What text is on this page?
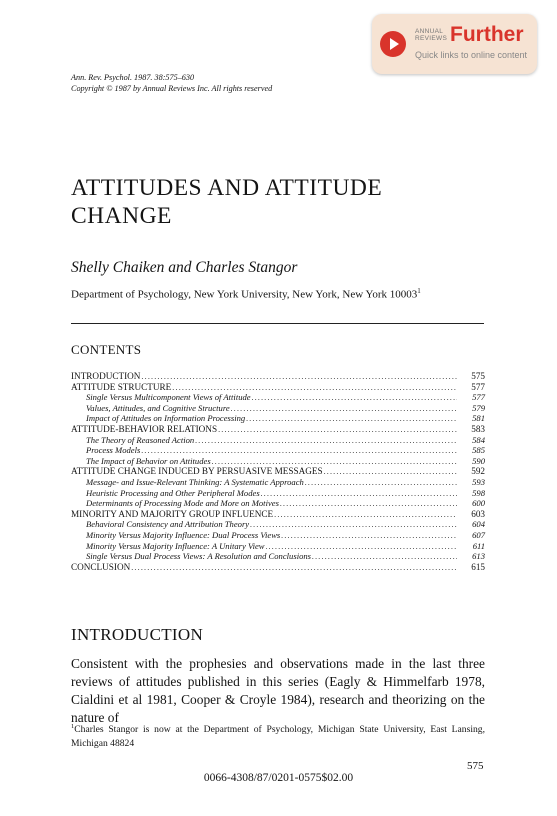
ANNUAL
REVIEWS Further
Quick links to online content
Ann. Rev. Psychol. 1987. 38:575–630
Copyright © 1987 by Annual Reviews Inc. All rights reserved
ATTITUDES AND ATTITUDE
CHANGE
Shelly Chaiken and Charles Stangor
Department of Psychology, New York University, New York, New York 10003$^1$
CONTENTS
INTRODUCTION .....	575
ATTITUDE STRUCTURE .....	577
Single Versus Multicomponent Views of Attitude .....	577
Values, Attitudes, and Cognitive Structure .....	579
Impact of Attitudes on Information Processing .....	581
ATTITUDE-BEHAVIOR RELATIONS .....	583
The Theory of Reasoned Action .....	584
Process Models .....	585
The Impact of Behavior on Attitudes .....	590
ATTITUDE CHANGE INDUCED BY PERSUASIVE MESSAGES .....	592
Message- and Issue-Relevant Thinking: A Systematic Approach .....	593
Heuristic Processing and Other Peripheral Modes .....	598
Determinants of Processing Mode and More on Motives .....	600
MINORITY AND MAJORITY GROUP INFLUENCE .....	603
Behavioral Consistency and Attribution Theory .....	604
Minority Versus Majority Influence: Dual Process Views .....	607
Minority Versus Majority Influence: A Unitary View .....	611
Single Versus Dual Process Views: A Resolution and Conclusions .....	613
CONCLUSION .....	615
INTRODUCTION
Consistent with the prophesies and observations made in the last three reviews of attitudes published in this series (Eagly & Himmelfarb 1978, Cialdini et al 1981, Cooper & Croyle 1984), research and theorizing on the nature of
$^1$Charles Stangor is now at the Department of Psychology, Michigan State University, East Lansing, Michigan 48824
575
0066-4308/87/0201-0575$02.00
